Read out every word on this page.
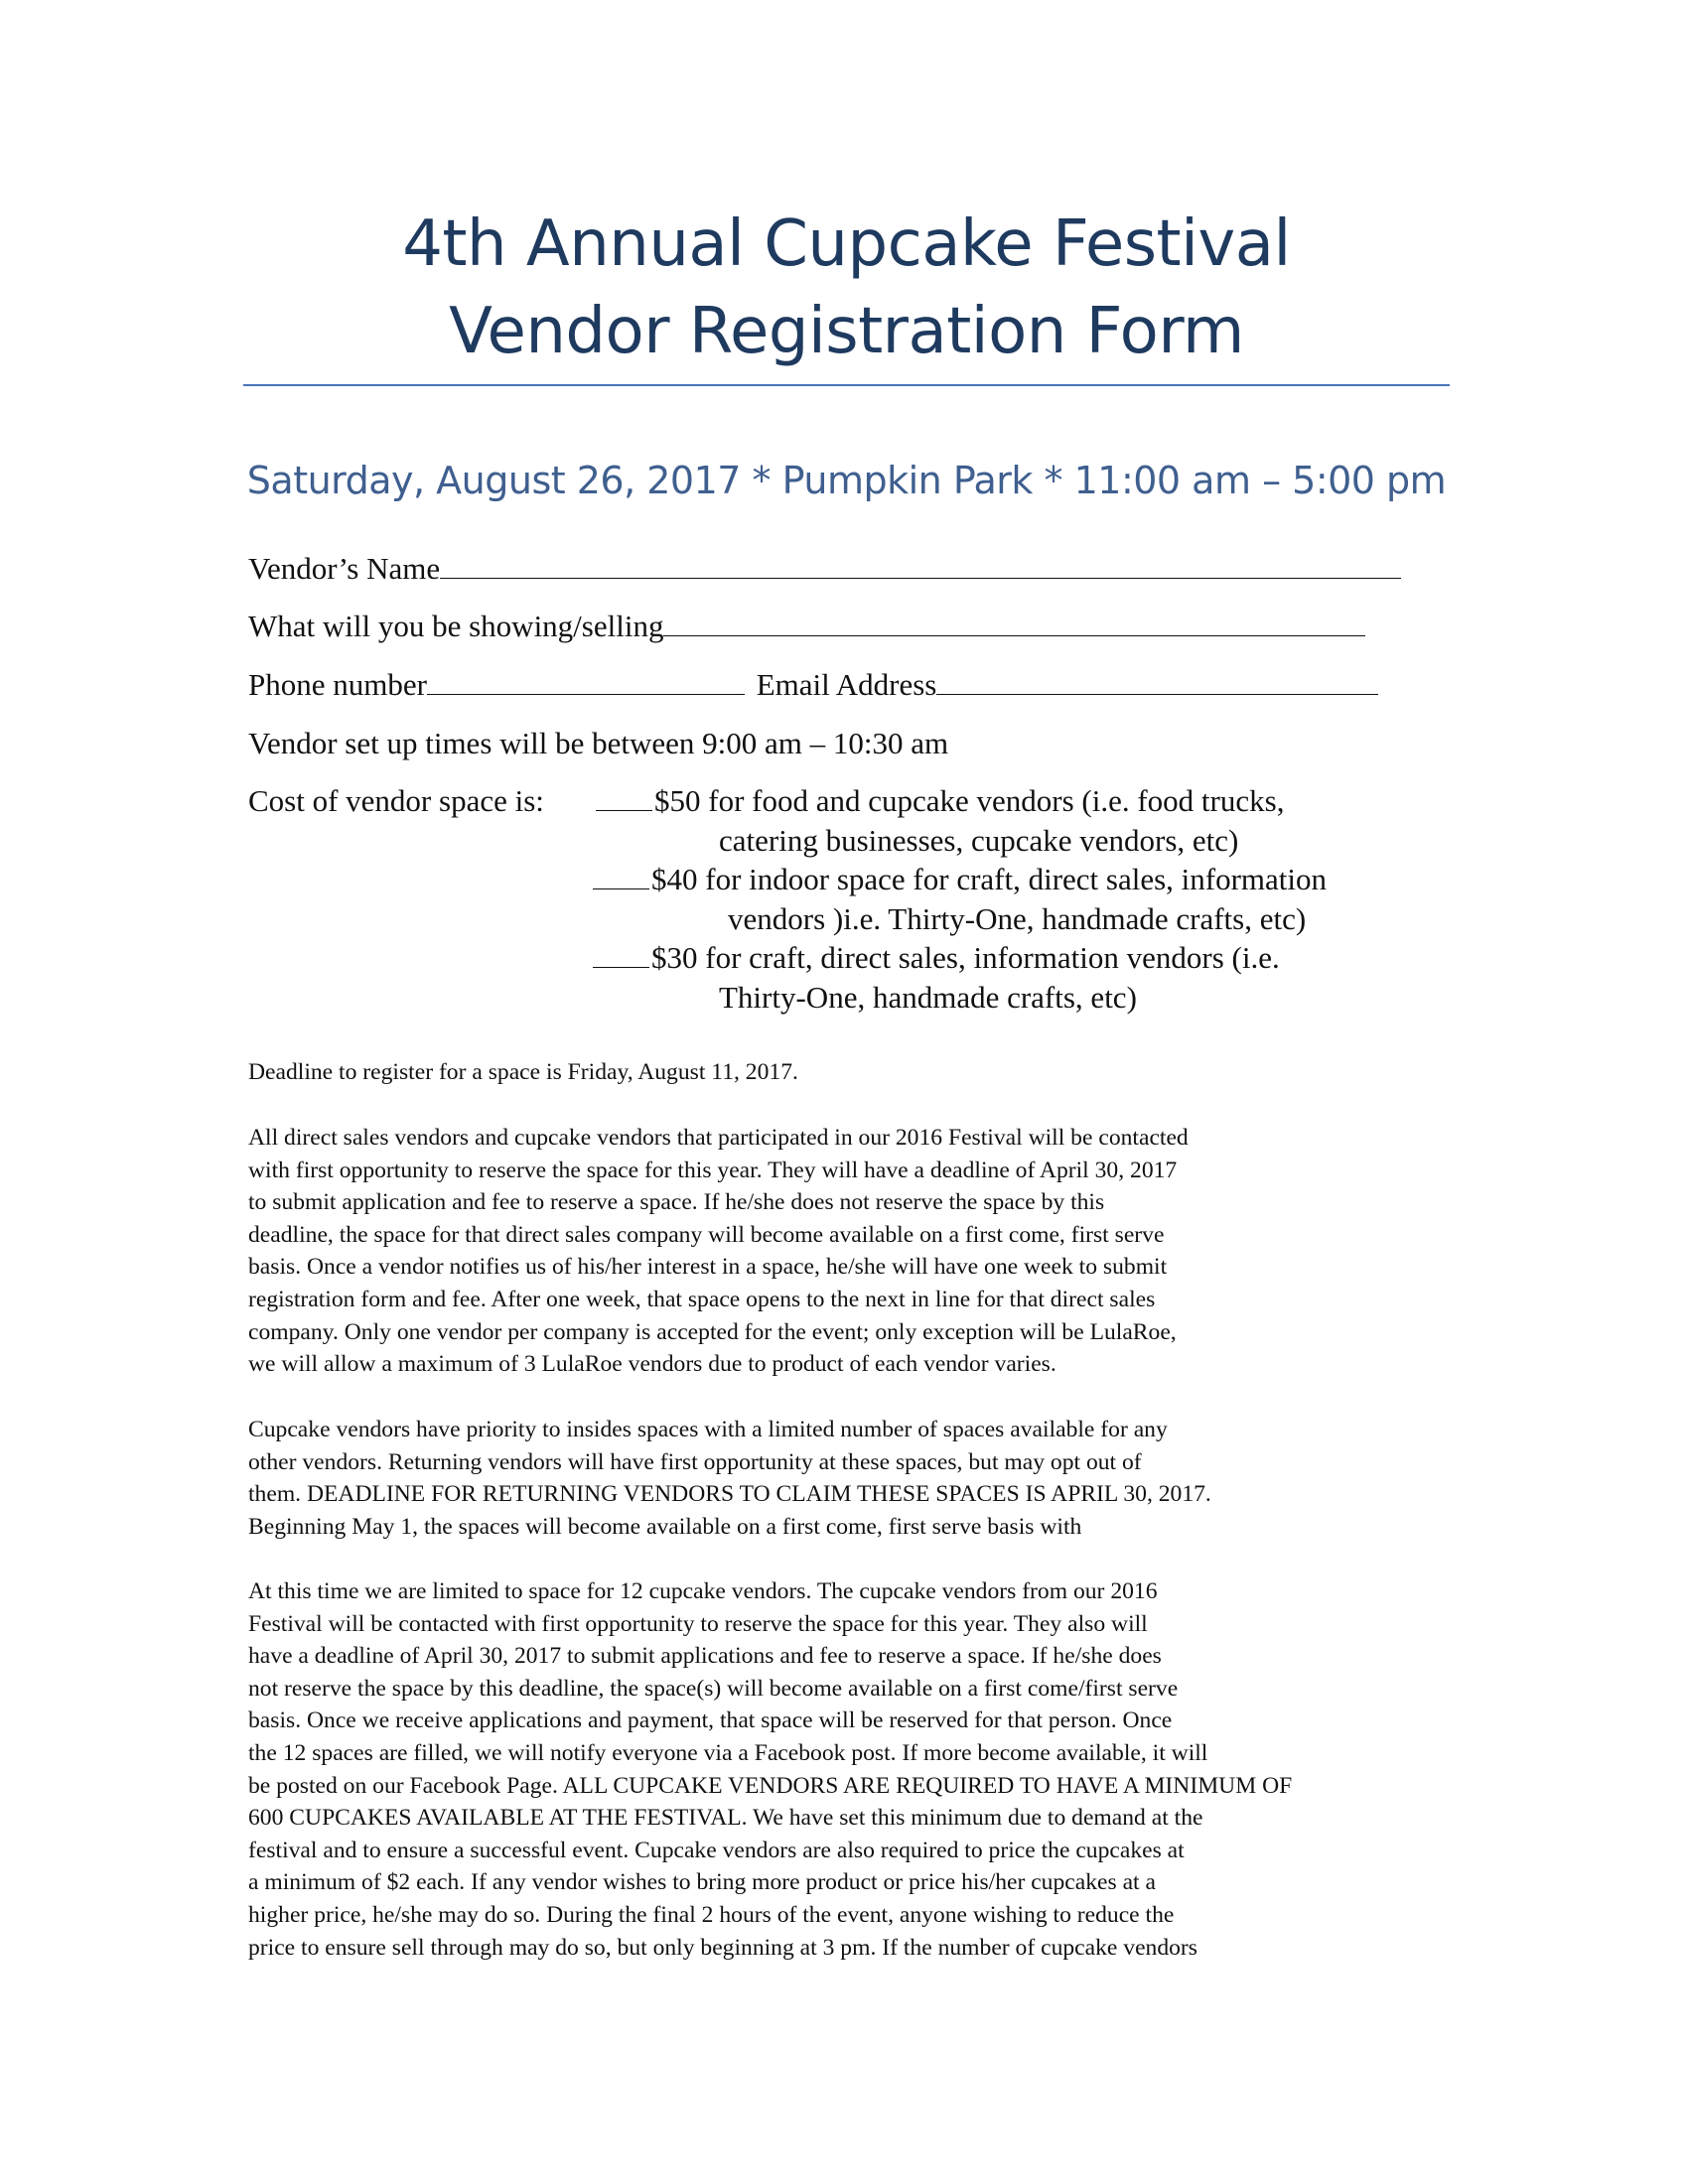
4th Annual Cupcake Festival
Vendor Registration Form
Saturday, August 26, 2017 * Pumpkin Park * 11:00 am – 5:00 pm
Vendor’s Name
What will you be showing/selling
Phone number	Email Address
Vendor set up times will be between 9:00 am – 10:30 am
Cost of vendor space is:	$50 for food and cupcake vendors (i.e. food trucks,
catering businesses, cupcake vendors, etc)
$40 for indoor space for craft, direct sales, information
vendors )i.e. Thirty-One, handmade crafts, etc)
$30 for craft, direct sales, information vendors (i.e.
Thirty-One, handmade crafts, etc)
Deadline to register for a space is Friday, August 11, 2017.
All direct sales vendors and cupcake vendors that participated in our 2016 Festival will be contacted
with first opportunity to reserve the space for this year. They will have a deadline of April 30, 2017
to submit application and fee to reserve a space. If he/she does not reserve the space by this
deadline, the space for that direct sales company will become available on a first come, first serve
basis. Once a vendor notifies us of his/her interest in a space, he/she will have one week to submit
registration form and fee. After one week, that space opens to the next in line for that direct sales
company. Only one vendor per company is accepted for the event; only exception will be LulaRoe,
we will allow a maximum of 3 LulaRoe vendors due to product of each vendor varies.
Cupcake vendors have priority to insides spaces with a limited number of spaces available for any
other vendors. Returning vendors will have first opportunity at these spaces, but may opt out of
them. DEADLINE FOR RETURNING VENDORS TO CLAIM THESE SPACES IS APRIL 30, 2017.
Beginning May 1, the spaces will become available on a first come, first serve basis with
At this time we are limited to space for 12 cupcake vendors. The cupcake vendors from our 2016
Festival will be contacted with first opportunity to reserve the space for this year. They also will
have a deadline of April 30, 2017 to submit applications and fee to reserve a space. If he/she does
not reserve the space by this deadline, the space(s) will become available on a first come/first serve
basis. Once we receive applications and payment, that space will be reserved for that person. Once
the 12 spaces are filled, we will notify everyone via a Facebook post. If more become available, it will
be posted on our Facebook Page. ALL CUPCAKE VENDORS ARE REQUIRED TO HAVE A MINIMUM OF
600 CUPCAKES AVAILABLE AT THE FESTIVAL. We have set this minimum due to demand at the
festival and to ensure a successful event. Cupcake vendors are also required to price the cupcakes at
a minimum of $2 each. If any vendor wishes to bring more product or price his/her cupcakes at a
higher price, he/she may do so. During the final 2 hours of the event, anyone wishing to reduce the
price to ensure sell through may do so, but only beginning at 3 pm. If the number of cupcake vendors
